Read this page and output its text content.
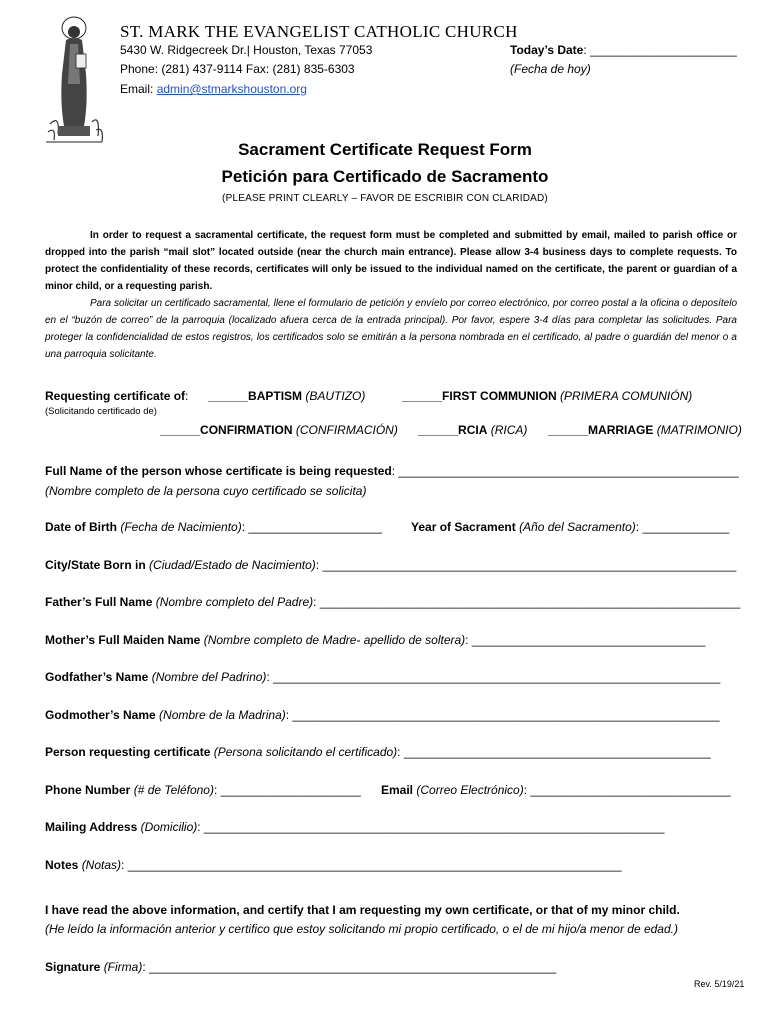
ST. MARK THE EVANGELIST CATHOLIC CHURCH
5430 W. Ridgecreek Dr.| Houston, Texas 77053
Phone: (281) 437-9114 Fax: (281) 835-6303
Email: admin@stmarkshouston.org
Today’s Date: ______________________
(Fecha de hoy)
Sacrament Certificate Request Form
Petición para Certificado de Sacramento
(PLEASE PRINT CLEARLY – FAVOR DE ESCRIBIR CON CLARIDAD)

In order to request a sacramental certificate, the request form must be completed and submitted by email, mailed to parish office or dropped into the parish “mail slot” located outside (near the church main entrance). Please allow 3-4 business days to complete requests. To protect the confidentiality of these records, certificates will only be issued to the individual named on the certificate, the parent or guardian of a minor child, or a requesting parish.

Para solicitar un certificado sacramental, llene el formulario de petición y envíelo por correo electrónico, por correo postal a la oficina o deposítelo en el “buzón de correo” de la parroquia (localizado afuera cerca de la entrada principal). Por favor, espere 3-4 días para completar las solicitudes. Para proteger la confidencialidad de estos registros, los certificados solo se emitirán a la persona nombrada en el certificado, al padre o guardián del menor o a una parroquia solicitante.

Requesting certificate of:
(Solicitando certificado de)
______BAPTISM (BAUTIZO)	______FIRST COMMUNION (PRIMERA COMUNIÓN)
______CONFIRMATION (CONFIRMACIÓN) ______RCIA (RICA) ______MARRIAGE (MATRIMONIO)
Full Name of the person whose certificate is being requested: ___________________________________________________
(Nombre completo de la persona cuyo certificado se solicita)
Date of Birth (Fecha de Nacimiento): ____________________ Year of Sacrament (Año del Sacramento): _____________
City/State Born in (Ciudad/Estado de Nacimiento): ______________________________________________________________
Father’s Full Name (Nombre completo del Padre): _______________________________________________________________
Mother’s Full Maiden Name (Nombre completo de Madre- apellido de soltera): ___________________________________
Godfather’s Name (Nombre del Padrino): ___________________________________________________________________
Godmother’s Name (Nombre de la Madrina): ________________________________________________________________
Person requesting certificate (Persona solicitando el certificado): ______________________________________________
Phone Number (# de Teléfono): _____________________ Email (Correo Electrónico): ______________________________
Mailing Address (Domicilio): _____________________________________________________________________
Notes (Notas): __________________________________________________________________________
I have read the above information, and certify that I am requesting my own certificate, or that of my minor child.
(He leído la información anterior y certifico que estoy solicitando mi propio certificado, o el de mi hijo/a menor de edad.)
Signature (Firma): _____________________________________________________________
Rev. 5/19/21
